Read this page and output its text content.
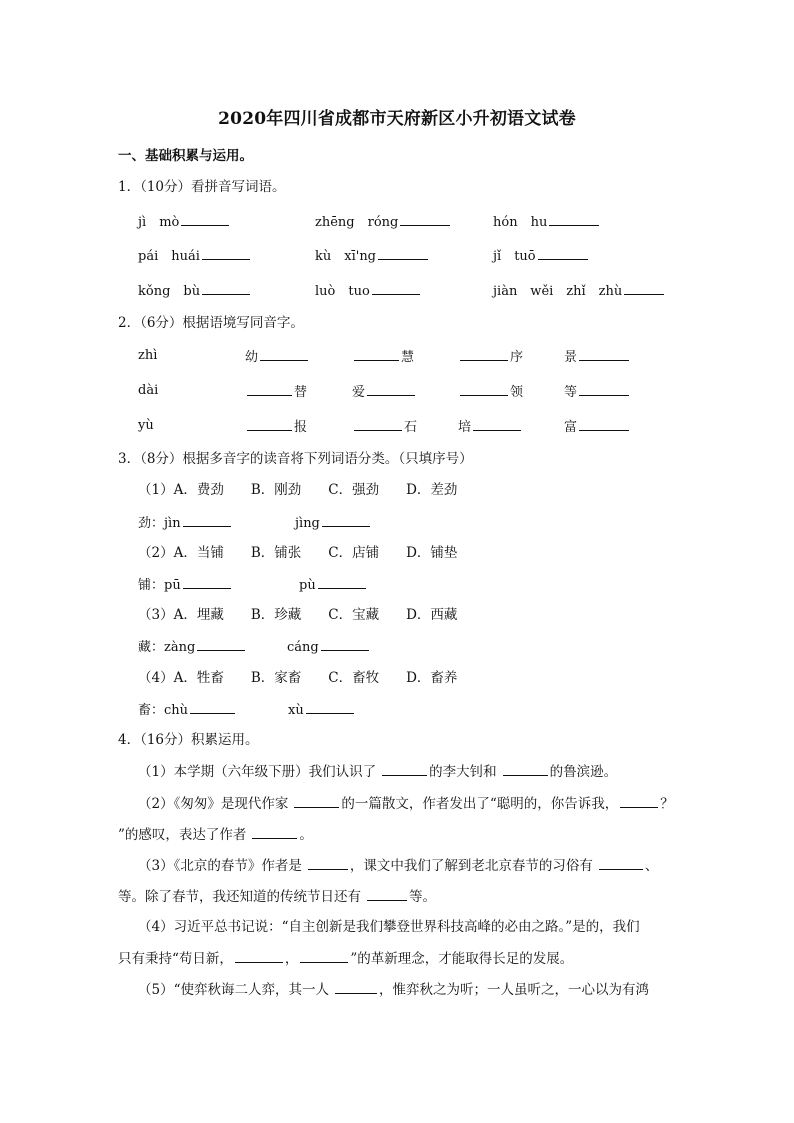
2020年四川省成都市天府新区小升初语文试卷
一、基础积累与运用。
1．（10分）看拼音写词语。
jì　mò	zhēng　róng	hón　hu
pái　huái	kù　xī'ng	jǐ　tuō
kǒng　bù	luò　tuo	jiàn　wěi　zhǐ　zhù
2．（6分）根据语境写同音字。
zhì	幼	慧	序	景
dài	替	爱	领	等
yù	报	石	培	富
3．（8分）根据多音字的读音将下列词语分类。（只填序号）
（1）A．费劲　　B．刚劲　　C．强劲　　D．差劲
劲：jìn	jìng
（2）A．当铺　　B．铺张　　C．店铺　　D．铺垫
铺：pū	pù
（3）A．埋藏　　B．珍藏　　C．宝藏　　D．西藏
藏：zàng	cáng
（4）A．牲畜　　B．家畜　　C．畜牧　　D．畜养
畜：chù	xù
4．（16分）积累运用。
（1）本学期（六年级下册）我们认识了	的李大钊和	的鲁滨逊。
（2）《匆匆》是现代作家	的一篇散文，作者发出了“聪明的，你告诉我，	？
”的感叹，表达了作者	。
（3）《北京的春节》作者是	，课文中我们了解到老北京春节的习俗有	、
等。除了春节，我还知道的传统节日还有	等。
（4）习近平总书记说：“自主创新是我们攀登世界科技高峰的必由之路。”是的，我们
只有秉持“苟日新，	，	”的革新理念，才能取得长足的发展。
（5）“使弈秋诲二人弈，其一人	，惟弈秋之为听；一人虽听之，一心以为有鸿
